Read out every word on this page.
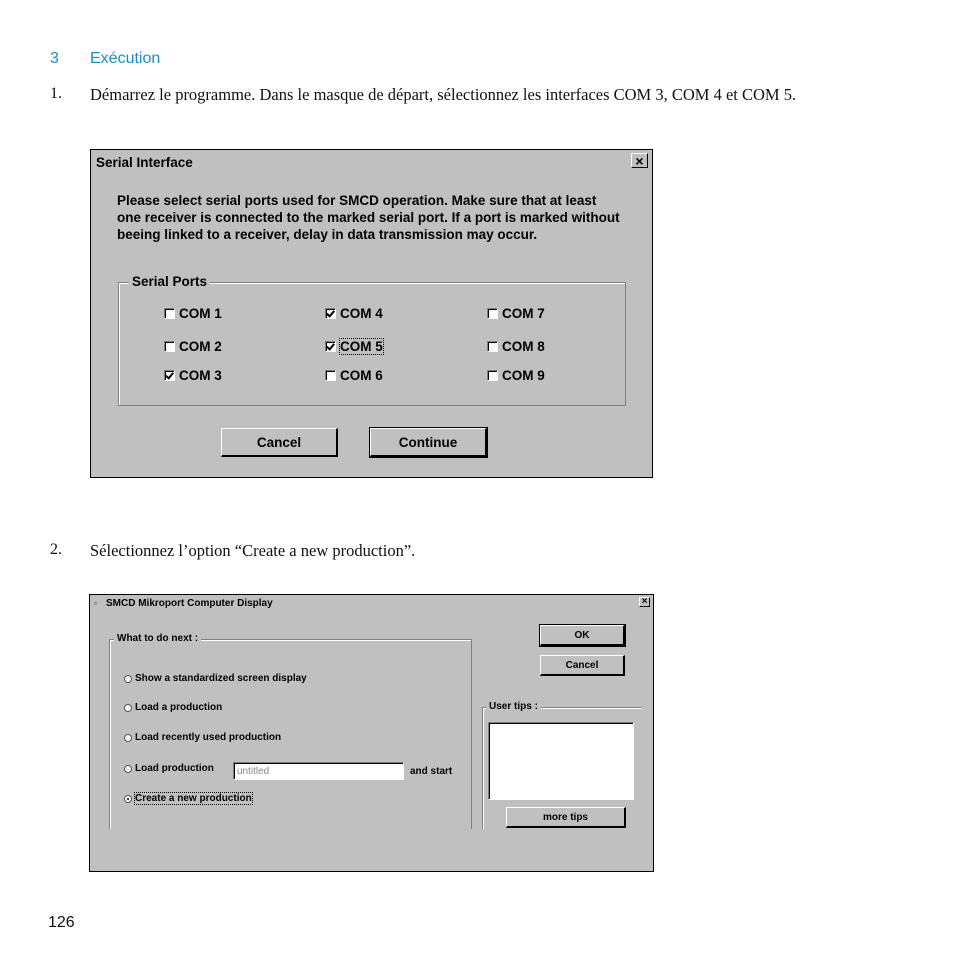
3 Exécution
1. Démarrez le programme. Dans le masque de départ, sélectionnez les interfaces COM 3, COM 4 et COM 5.
Serial Interface	×
Please select serial ports used for SMCD operation. Make sure that at least one receiver is connected to the marked serial port. If a port is marked without beeing linked to a receiver, delay in data transmission may occur.
Serial Ports
COM 1
COM 2
COM 3
COM 4
COM 5
COM 6
COM 7
COM 8
COM 9
Cancel	Continue
2. Sélectionnez l’option “Create a new production”.
▫ SMCD Mikroport Computer Display	×
What to do next :
Show a standardized screen display
Load a production
Load recently used production
Load production
untitled	and start
Create a new production
OK
Cancel
User tips :
more tips
126
